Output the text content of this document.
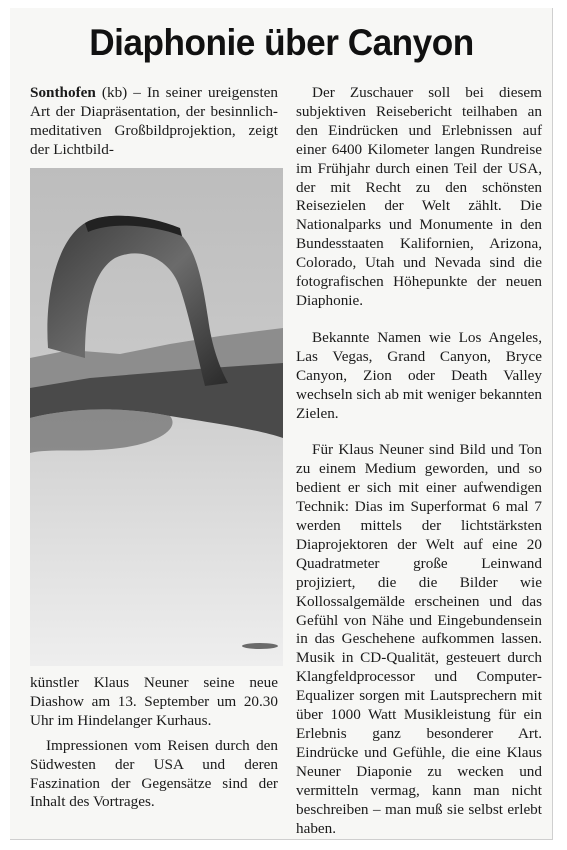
Diaphonie über Canyon

Sonthofen (kb) – In seiner ureigensten Art der Diapräsentation, der besinnlich-meditativen Großbildprojektion, zeigt der Lichtbild-

künstler Klaus Neuner seine neue Diashow am 13. September um 20.30 Uhr im Hindelanger Kurhaus.

Impressionen vom Reisen durch den Südwesten der USA und deren Faszination der Gegensätze sind der Inhalt des Vortrages.

Der Zuschauer soll bei diesem subjektiven Reisebericht teilhaben an den Eindrücken und Erlebnissen auf einer 6400 Kilometer langen Rundreise im Frühjahr durch einen Teil der USA, der mit Recht zu den schönsten Reisezielen der Welt zählt. Die Nationalparks und Monumente in den Bundesstaaten Kalifornien, Arizona, Colorado, Utah und Nevada sind die fotografischen Höhepunkte der neuen Diaphonie.

Bekannte Namen wie Los Angeles, Las Vegas, Grand Canyon, Bryce Canyon, Zion oder Death Valley wechseln sich ab mit weniger bekannten Zielen.

Für Klaus Neuner sind Bild und Ton zu einem Medium geworden, und so bedient er sich mit einer aufwendigen Technik: Dias im Superformat 6 mal 7 werden mittels der lichtstärksten Diaprojektoren der Welt auf eine 20 Quadratmeter große Leinwand projiziert, die die Bilder wie Kollossalgemälde erscheinen und das Gefühl von Nähe und Eingebundensein in das Geschehene aufkommen lassen. Musik in CD-Qualität, gesteuert durch Klangfeldprocessor und Computer-Equalizer sorgen mit Lautsprechern mit über 1000 Watt Musikleistung für ein Erlebnis ganz besonderer Art. Eindrücke und Gefühle, die eine Klaus Neuner Diaponie zu wecken und vermitteln vermag, kann man nicht beschreiben – man muß sie selbst erlebt haben.
